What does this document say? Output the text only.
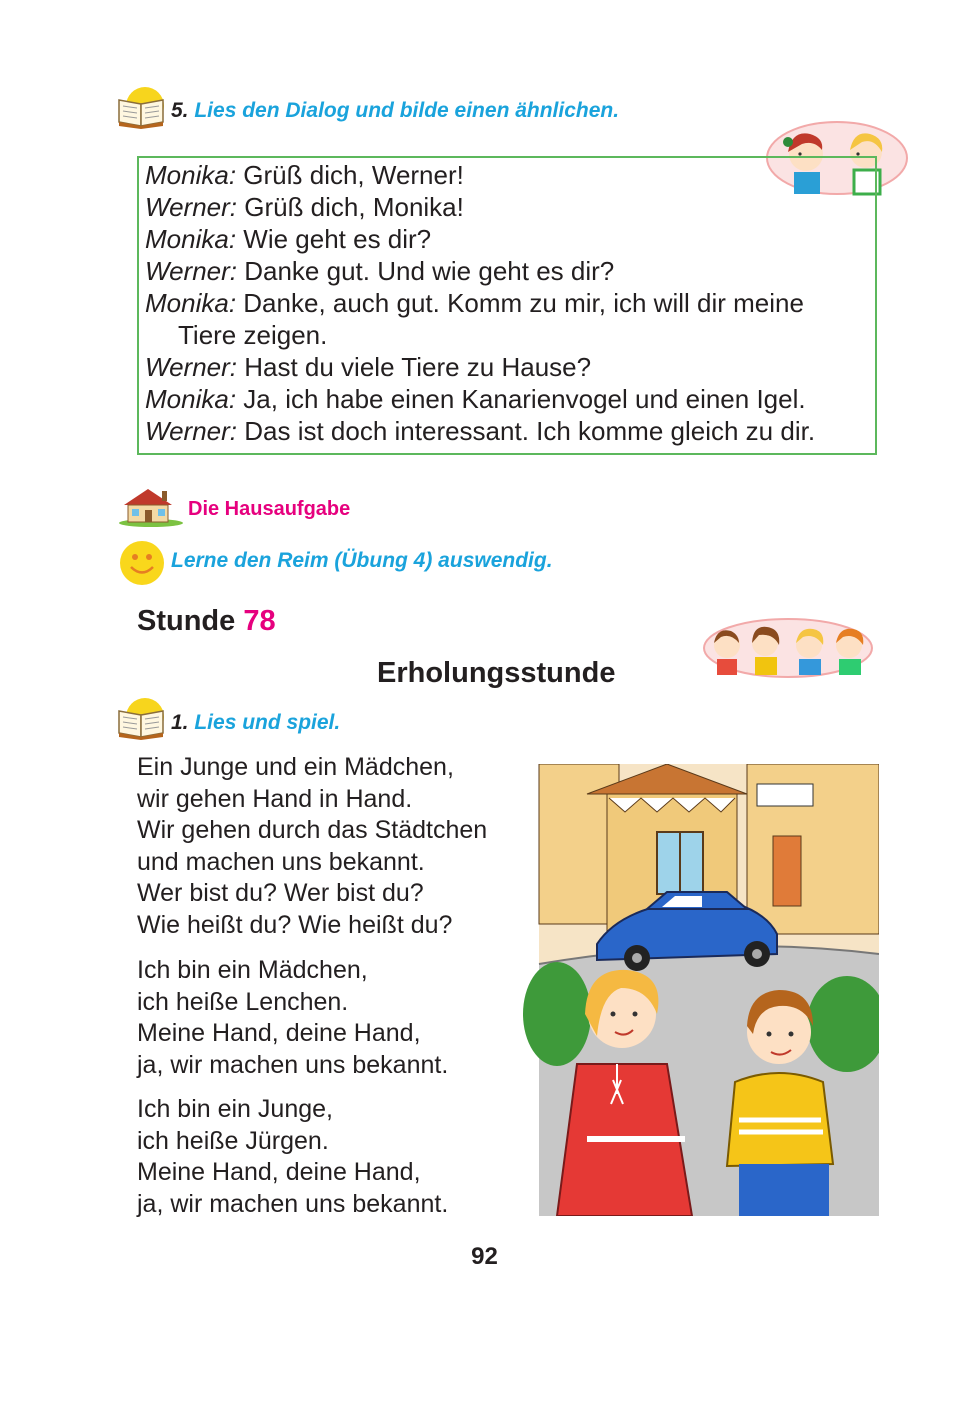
5. Lies den Dialog und bilde einen ähnlichen.
Monika: Grüß dich, Werner!
Werner: Grüß dich, Monika!
Monika: Wie geht es dir?
Werner: Danke gut. Und wie geht es dir?
Monika: Danke, auch gut. Komm zu mir, ich will dir meine
Tiere zeigen.
Werner: Hast du viele Tiere zu Hause?
Monika: Ja, ich habe einen Kanarienvogel und einen Igel.
Werner: Das ist doch interessant. Ich komme gleich zu dir.
Die Hausaufgabe
Lerne den Reim (Übung 4) auswendig.
Stunde 78
Erholungsstunde
1. Lies und spiel.
Ein Junge und ein Mädchen,
wir gehen Hand in Hand.
Wir gehen durch das Städtchen
und machen uns bekannt.
Wer bist du? Wer bist du?
Wie heißt du? Wie heißt du?
Ich bin ein Mädchen,
ich heiße Lenchen.
Meine Hand, deine Hand,
ja, wir machen uns bekannt.
Ich bin ein Junge,
ich heiße Jürgen.
Meine Hand, deine Hand,
ja, wir machen uns bekannt.
92
